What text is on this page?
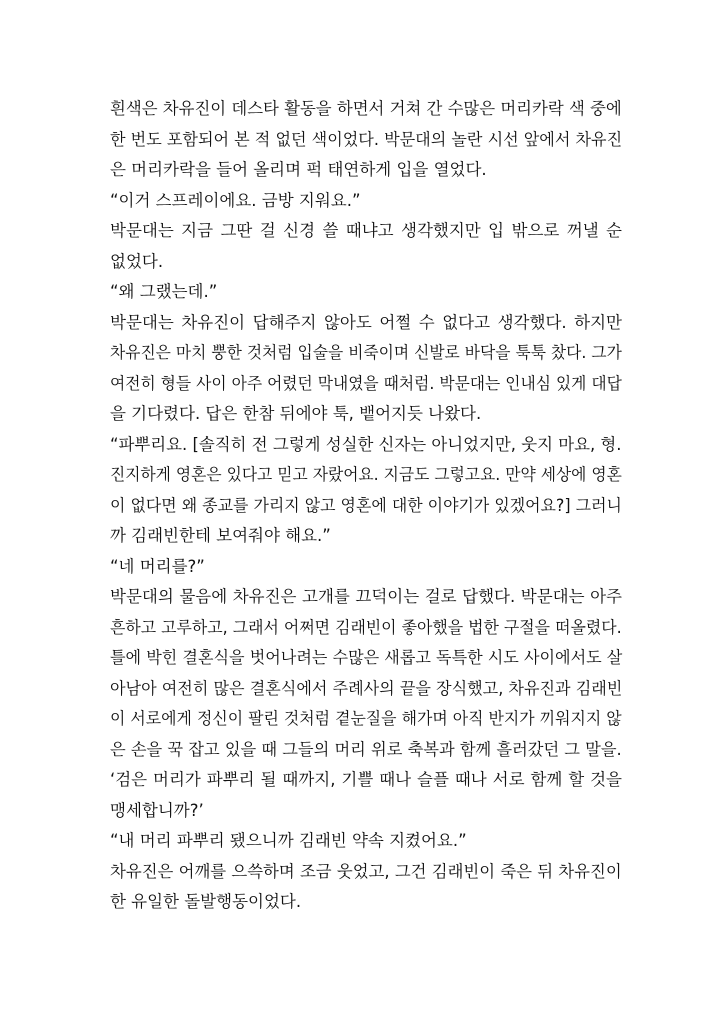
흰색은 차유진이 데스타 활동을 하면서 거쳐 간 수많은 머리카락 색 중에
한 번도 포함되어 본 적 없던 색이었다. 박문대의 놀란 시선 앞에서 차유진
은 머리카락을 들어 올리며 퍽 태연하게 입을 열었다.
“이거 스프레이에요. 금방 지워요.”
박문대는 지금 그딴 걸 신경 쓸 때냐고 생각했지만 입 밖으로 꺼낼 순
없었다.
“왜 그랬는데.”
박문대는 차유진이 답해주지 않아도 어쩔 수 없다고 생각했다. 하지만
차유진은 마치 뿡한 것처럼 입술을 비죽이며 신발로 바닥을 툭툭 찼다. 그가
여전히 형들 사이 아주 어렸던 막내였을 때처럼. 박문대는 인내심 있게 대답
을 기다렸다. 답은 한참 뒤에야 툭, 뱉어지듯 나왔다.
“파뿌리요. [솔직히 전 그렇게 성실한 신자는 아니었지만, 웃지 마요, 형.
진지하게 영혼은 있다고 믿고 자랐어요. 지금도 그렇고요. 만약 세상에 영혼
이 없다면 왜 종교를 가리지 않고 영혼에 대한 이야기가 있겠어요?] 그러니
까 김래빈한테 보여줘야 해요.”
“네 머리를?”
박문대의 물음에 차유진은 고개를 끄덕이는 걸로 답했다. 박문대는 아주
흔하고 고루하고, 그래서 어쩌면 김래빈이 좋아했을 법한 구절을 떠올렸다.
틀에 박힌 결혼식을 벗어나려는 수많은 새롭고 독특한 시도 사이에서도 살
아남아 여전히 많은 결혼식에서 주례사의 끝을 장식했고, 차유진과 김래빈
이 서로에게 정신이 팔린 것처럼 곁눈질을 해가며 아직 반지가 끼워지지 않
은 손을 꾹 잡고 있을 때 그들의 머리 위로 축복과 함께 흘러갔던 그 말을.
‘검은 머리가 파뿌리 될 때까지, 기쁠 때나 슬플 때나 서로 함께 할 것을
맹세합니까?’
“내 머리 파뿌리 됐으니까 김래빈 약속 지켰어요.”
차유진은 어깨를 으쓱하며 조금 웃었고, 그건 김래빈이 죽은 뒤 차유진이
한 유일한 돌발행동이었다.
